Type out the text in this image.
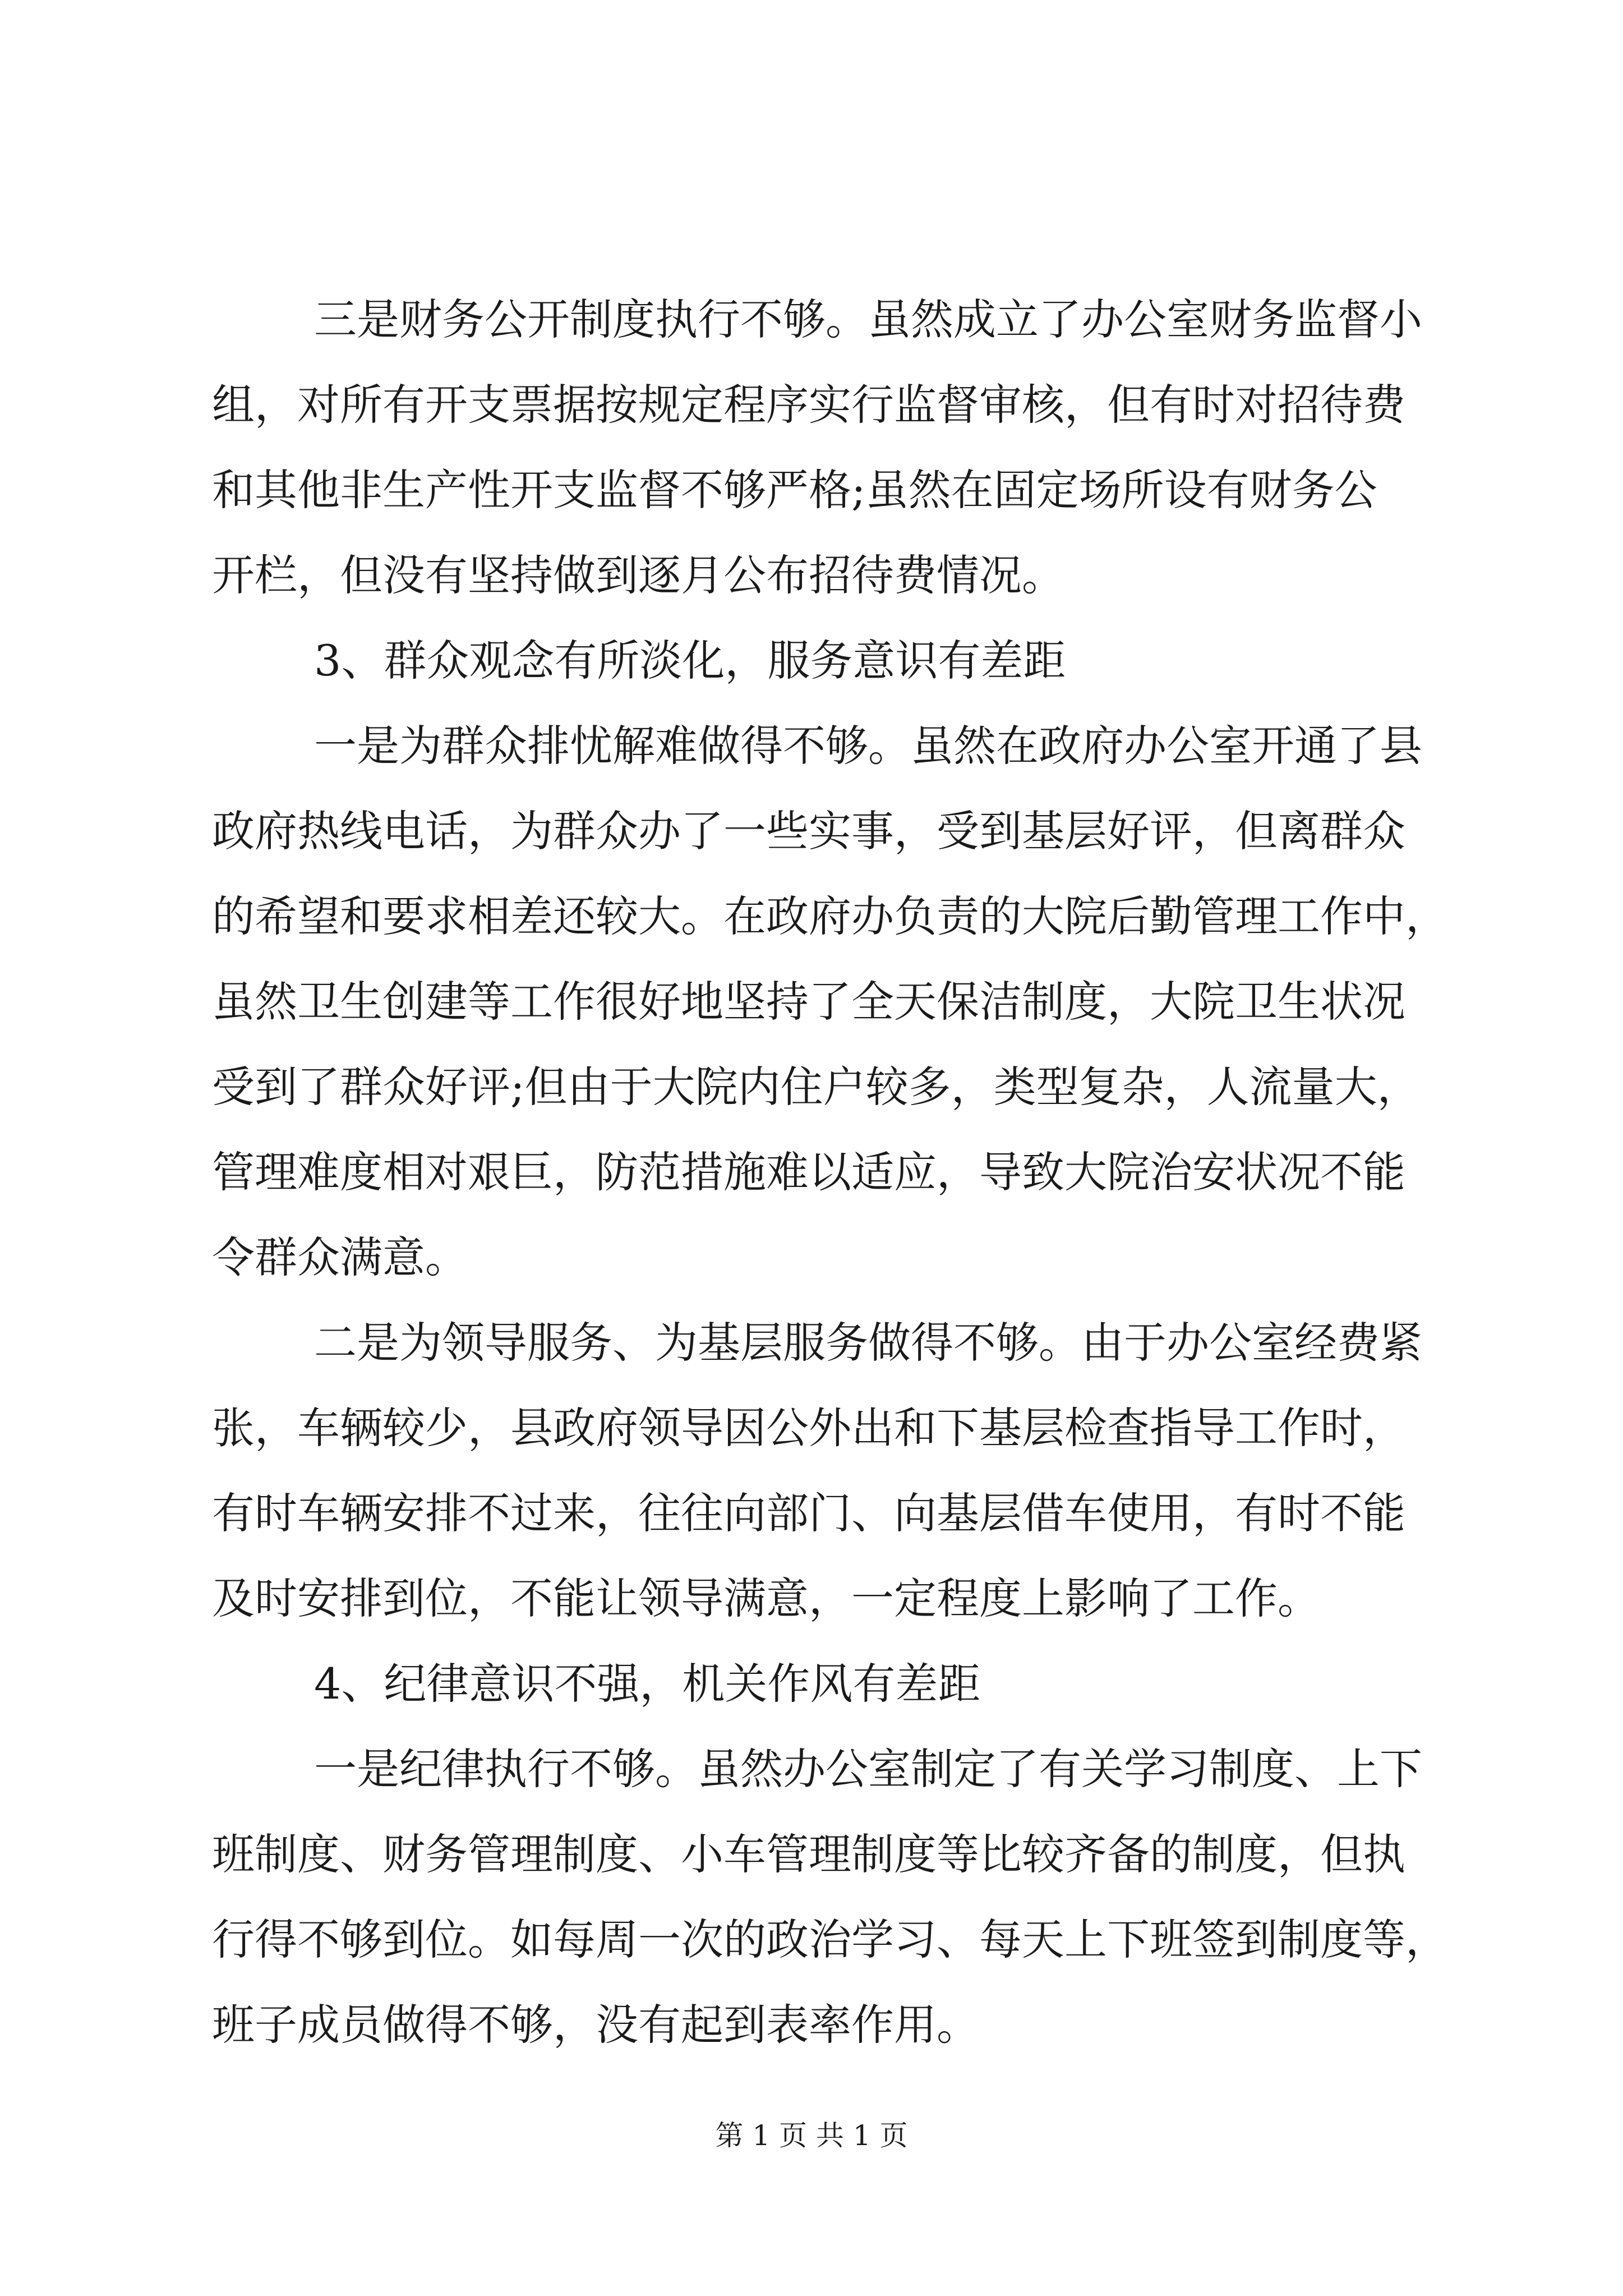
三是财务公开制度执行不够。虽然成立了办公室财务监督小
组，对所有开支票据按规定程序实行监督审核，但有时对招待费
和其他非生产性开支监督不够严格;虽然在固定场所设有财务公
开栏，但没有坚持做到逐月公布招待费情况。
3、群众观念有所淡化，服务意识有差距
一是为群众排忧解难做得不够。虽然在政府办公室开通了县
政府热线电话，为群众办了一些实事，受到基层好评，但离群众
的希望和要求相差还较大。在政府办负责的大院后勤管理工作中，
虽然卫生创建等工作很好地坚持了全天保洁制度，大院卫生状况
受到了群众好评;但由于大院内住户较多，类型复杂，人流量大，
管理难度相对艰巨，防范措施难以适应，导致大院治安状况不能
令群众满意。
二是为领导服务、为基层服务做得不够。由于办公室经费紧
张，车辆较少，县政府领导因公外出和下基层检查指导工作时，
有时车辆安排不过来，往往向部门、向基层借车使用，有时不能
及时安排到位，不能让领导满意，一定程度上影响了工作。
4、纪律意识不强，机关作风有差距
一是纪律执行不够。虽然办公室制定了有关学习制度、上下
班制度、财务管理制度、小车管理制度等比较齐备的制度，但执
行得不够到位。如每周一次的政治学习、每天上下班签到制度等，
班子成员做得不够，没有起到表率作用。
第 1 页 共 1 页
